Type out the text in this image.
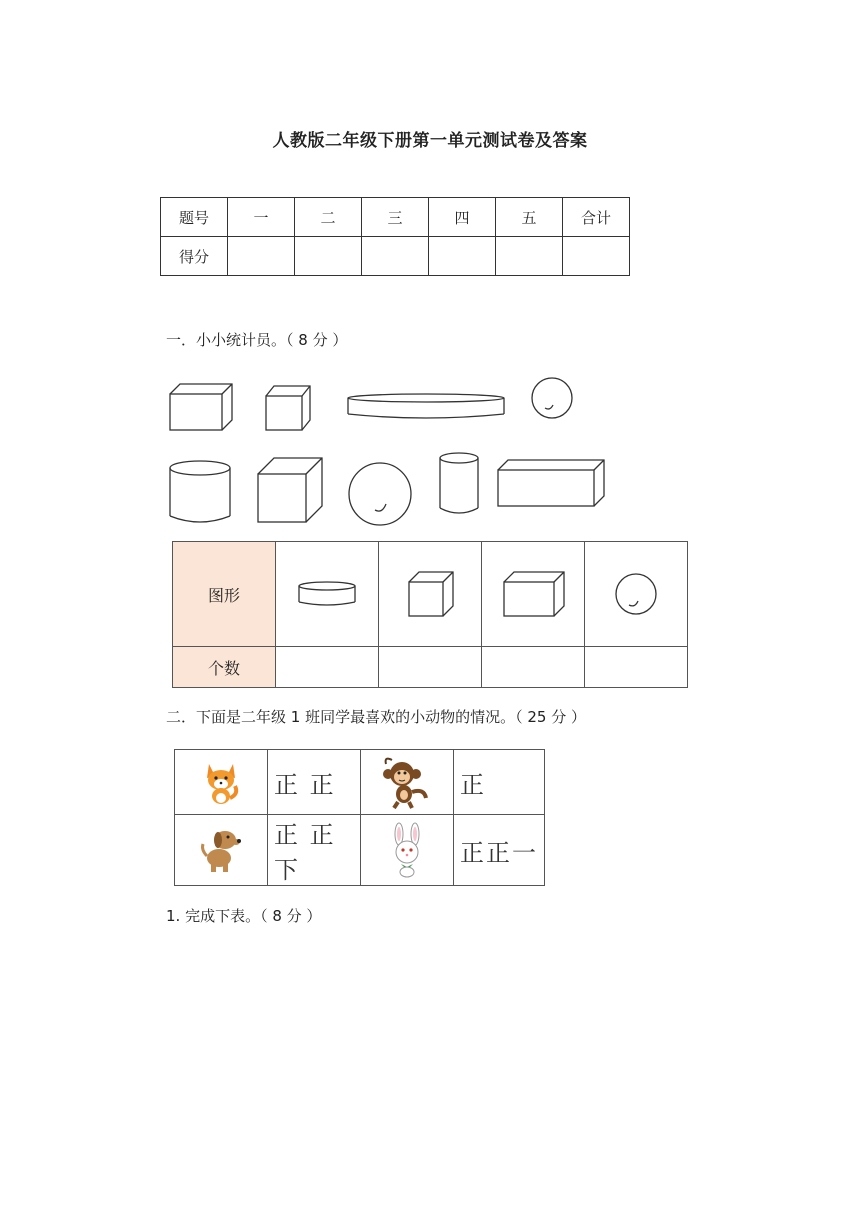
人教版二年级下册第一单元测试卷及答案
题号	一	二	三	四	五	合计
得分						
一．小小统计员。（ 8 分 ）
图形	

个数				
二．下面是二年级 1 班同学最喜欢的小动物的情况。（ 25 分 ）
	正 正		正

	正 正 下		正正一
1. 完成下表。（ 8 分 ）
